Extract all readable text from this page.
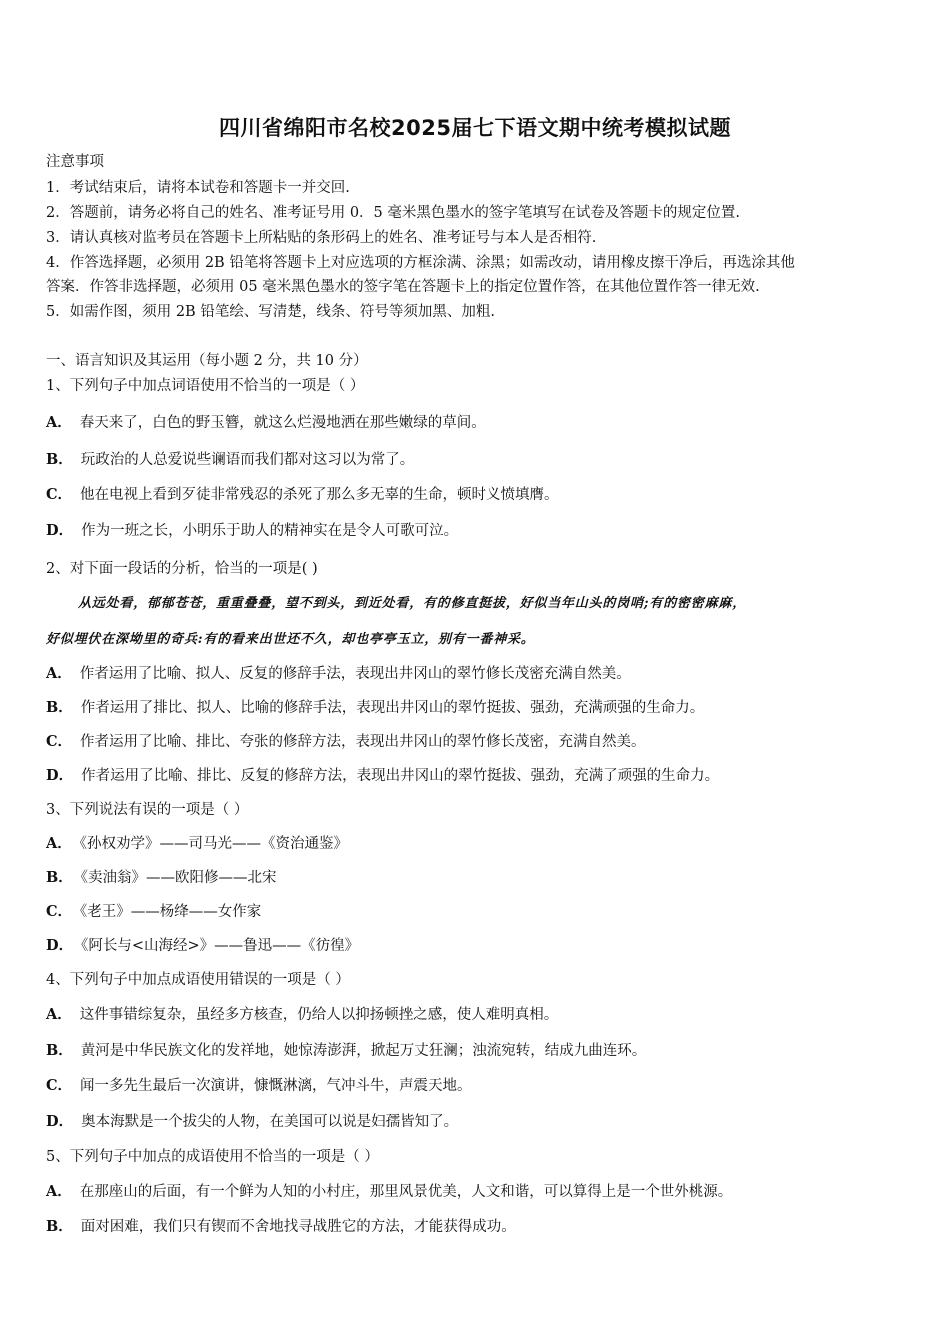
四川省绵阳市名校2025届七下语文期中统考模拟试题
注意事项
1．考试结束后，请将本试卷和答题卡一并交回.
2．答题前，请务必将自己的姓名、准考证号用 0．5 毫米黑色墨水的签字笔填写在试卷及答题卡的规定位置.
3．请认真核对监考员在答题卡上所粘贴的条形码上的姓名、准考证号与本人是否相符.
4．作答选择题，必须用 2B 铅笔将答题卡上对应选项的方框涂满、涂黑；如需改动，请用橡皮擦干净后，再选涂其他
答案．作答非选择题，必须用 05 毫米黑色墨水的签字笔在答题卡上的指定位置作答，在其他位置作答一律无效.
5．如需作图，须用 2B 铅笔绘、写清楚，线条、符号等须加黑、加粗.
一、语言知识及其运用（每小题 2 分，共 10 分）
1、下列句子中加点词语使用不恰当的一项是（ ）
A． 春天来了，白色的野玉簪，就这么烂漫地洒在那些嫩绿的草间。
B． 玩政治的人总爱说些谰语而我们都对这习以为常了。
C． 他在电视上看到歹徒非常残忍的杀死了那么多无辜的生命，顿时义愤填膺。
D． 作为一班之长，小明乐于助人的精神实在是令人可歌可泣。
2、对下面一段话的分析，恰当的一项是( )
从远处看，郁郁苍苍，重重叠叠，望不到头，到近处看，有的修直挺拔，好似当年山头的岗哨;有的密密麻麻，
好似埋伏在深坳里的奇兵:有的看来出世还不久，却也亭亭玉立，别有一番神采。
A． 作者运用了比喻、拟人、反复的修辞手法，表现出井冈山的翠竹修长茂密充满自然美。
B． 作者运用了排比、拟人、比喻的修辞手法，表现出井冈山的翠竹挺拔、强劲，充满顽强的生命力。
C． 作者运用了比喻、排比、夸张的修辞方法，表现出井冈山的翠竹修长茂密，充满自然美。
D． 作者运用了比喻、排比、反复的修辞方法，表现出井冈山的翠竹挺拔、强劲，充满了顽强的生命力。
3、下列说法有误的一项是（ ）
A． 《孙权劝学》——司马光——《资治通鉴》
B． 《卖油翁》——欧阳修——北宋
C． 《老王》——杨绛——女作家
D． 《阿长与<山海经>》——鲁迅——《彷徨》
4、下列句子中加点成语使用错误的一项是（ ）
A． 这件事错综复杂，虽经多方核查，仍给人以抑扬顿挫之感，使人难明真相。
B． 黄河是中华民族文化的发祥地，她惊涛澎湃，掀起万丈狂澜；浊流宛转，结成九曲连环。
C． 闻一多先生最后一次演讲，慷慨淋漓，气冲斗牛，声震天地。
D． 奥本海默是一个拔尖的人物，在美国可以说是妇孺皆知了。
5、下列句子中加点的成语使用不恰当的一项是（ ）
A． 在那座山的后面，有一个鲜为人知的小村庄，那里风景优美，人文和谐，可以算得上是一个世外桃源。
B． 面对困难，我们只有锲而不舍地找寻战胜它的方法，才能获得成功。
